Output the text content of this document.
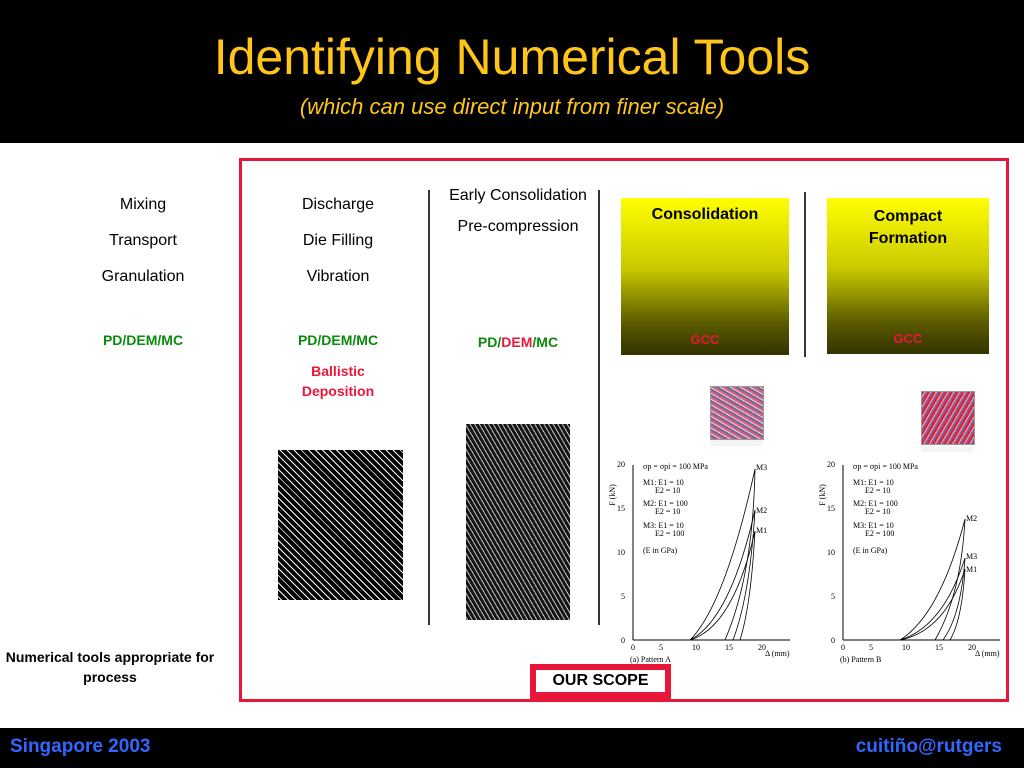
Identifying Numerical Tools
(which can use direct input from finer scale)

Mixing

Transport

Granulation

PD/DEM/MC

Discharge

Die Filling

Vibration

PD/DEM/MC
Ballistic Deposition

Early Consolidation

Pre-compression

PD/DEM/MC
Consolidation
GCC
Compact Formation
GCC
20
15
10
5
0
0	5	10	15	20
F (kN)
Δ (mm)
(a) Pattern A
σp = σpi = 100 MPa
M1: E1 = 10
E2 = 10
M2: E1 = 100
E2 = 10
M3: E1 = 10
E2 = 100
(E in GPa)
M3
M2
M1
20
15
10
5
0
0	5	10	15	20
F (kN)
Δ (mm)
(b) Pattern B
σp = σpi = 100 MPa
M1: E1 = 10
E2 = 10
M2: E1 = 100
E2 = 10
M3: E1 = 10
E2 = 100
(E in GPa)
M2
M3
M1
OUR SCOPE
Numerical tools appropriate for process
Singapore 2003	cuitiño@rutgers
